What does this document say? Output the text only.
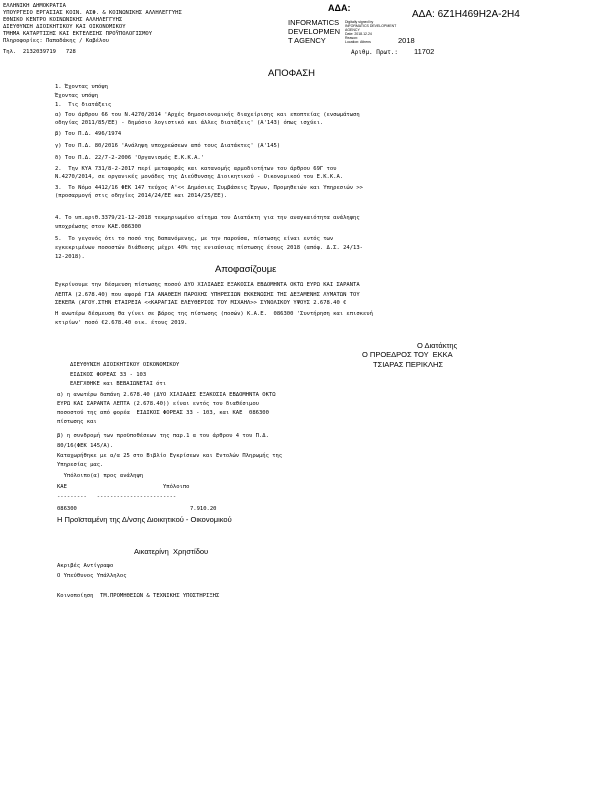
ΕΛΛΗΝΙΚΗ ΔΗΜΟΚΡΑΤΙΑ
ΥΠΟΥΡΓΕΙΟ ΕΡΓΑΣΙΑΣ ΚΟΙΝ. ΑΣΦ. & ΚΟΙΝΩΝΙΚΗΣ ΑΛΛΗΛΕΓΓΥΗΣ
ΕΘΝΙΚΟ ΚΕΝΤΡΟ ΚΟΙΝΩΝΙΚΗΣ ΑΛΛΗΛΕΓΓΥΗΣ
ΔΙΕΥΘΥΝΣΗ ΔΙΟΙΚΗΤΙΚΟΥ ΚΑΙ ΟΙΚΟΝΟΜΙΚΟΥ
ΤΜΗΜΑ ΚΑΤΑΡΤΙΣΗΣ ΚΑΙ ΕΚΤΕΛΕΣΗΣ ΠΡΟΫΠΟΛΟΓΙΣΜΟΥ
Πληροφορίες: Παπαδάκης / Καβέλου
Τηλ.  2132039719   728
ΑΔΑ:
ΑΔΑ: 6Z1H469H2A-2H4
INFORMATICS
DEVELOPMEN
T AGENCY
Digitally signed by
INFORMATICS DEVELOPMENT
AGENCY
Date: 2018.12.24
Reason:
Location: Athens	2018
Αριθμ. Πρωτ.: 11702
ΑΠΟΦΑΣΗ
1. Έχοντας υπόψη
Έχοντας υπόψη
1.  Τις διατάξεις
α) Του άρθρου 66 του Ν.4270/2014 'Αρχές δημοσιονομικής διαχείρισης και εποπτείας (ενσωμάτωση
οδηγίας 2011/85/ΕΕ) - δημόσιο λογιστικό και άλλες διατάξεις' (Α'143) όπως ισχύει.
β) Του Π.Δ. 496/1974
γ) Του Π.Δ. 80/2016 'Ανάληψη υποχρεώσεων από τους Διατάκτες' (Α'145)
δ) Του Π.Δ. 22/7-2-2006 'Οργανισμός Ε.Κ.Κ.Α.'
2.  Την ΚΥΑ 731/8-2-2017 περί μεταφοράς και κατανομής αρμοδιοτήτων του άρθρου 69Γ του
Ν.4270/2014, σε οργανικές μονάδες της Διεύθυνσης Διοικητικού - Οικονομικού του Ε.Κ.Κ.Α.
3.  Το Νόμο 4412/16 ΦΕΚ 147 τεύχος Α'<< Δημόσιες Συμβάσεις Έργων, Προμηθειών και Υπηρεσιών >>
(προσαρμογή στις οδηγίες 2014/24/ΕΕ και 2014/25/ΕΕ).
4. Το υπ.αριθ.3379/21-12-2018 τεκμηριωμένο αίτημα του Διατάκτη για την αναγκαιότητα ανάληψης
υποχρέωσης στον ΚΑΕ.086300
5.  Το γεγονός ότι το ποσό της δαπανόμενης, με την παρούσα, πίστωσης είναι εντός των
εγκεκριμένων ποσοστών διάθεσης μέχρι 40% της ενιαύσιας πίστωσης έτους 2018 (απόφ. Δ.Σ. 24/13-
12-2018).
Αποφασίζουμε
Εγκρίνουμε την δέσμευση πίστωσης ποσού ΔΥΟ ΧΙΛΙΑΔΕΣ ΕΞΑΚΟΣΙΑ ΕΒΔΟΜΗΝΤΑ ΟΚΤΩ ΕΥΡΩ ΚΑΙ ΣΑΡΑΝΤΑ
ΛΕΠΤΑ (2.678.40) που αφορά ΓΙΑ ΑΝΑΘΕΣΗ ΠΑΡΟΧΗΣ ΥΠΗΡΕΣΙΩΝ ΕΚΚΕΝΩΣΗΣ ΤΗΣ ΔΕΞΑΜΕΝΗΣ ΛΥΜΑΤΩΝ ΤΟΥ
ΣΕΚΕΠΑ (ΑΓΟΥ.ΣΤΗΝ ΕΤΑΙΡΕΙΑ <<ΚΑΡΑΓΙΑΣ ΕΛΕΥΘΕΡΙΟΣ ΤΟΥ ΜΙΧΑΗΛ>> ΣΥΝΟΛΙΚΟΥ ΥΨΟΥΣ 2.678.40 €
Η ανωτέρω δέσμευση θα γίνει σε βάρος της πίστωσης (ποσών) Κ.Α.Ε.  086300 'Συντήρηση και επισκευή
κτιρίων' ποσό €2.678.40 οικ. έτους 2019.
Ο Διατάκτης
Ο ΠΡΟΕΔΡΟΣ ΤΟΥ  ΕΚΚΑ
ΤΣΙΑΡΑΣ ΠΕΡΙΚΛΗΣ
ΔΙΕΥΘΥΝΣΗ ΔΙΟΙΚΗΤΙΚΟΥ ΟΙΚΟΝΟΜΙΚΟΥ
ΕΙΔΙΚΟΣ ΦΟΡΕΑΣ 33 - 103
ΕΛΕΓΧΘΗΚΕ και ΒΕΒΑΙΩΝΕΤΑΙ ότι
α) η ανωτέρω δαπάνη 2.678.40 (ΔΥΟ ΧΙΛΙΑΔΕΣ ΕΞΑΚΟΣΙΑ ΕΒΔΟΜΗΝΤΑ ΟΚΤΩ
ΕΥΡΩ ΚΑΙ ΣΑΡΑΝΤΑ ΛΕΠΤΑ (2.678.40)) είναι εντός του διαθέσιμου
ποσοστού της από φορέα  ΕΙΔΙΚΟΣ ΦΟΡΕΑΣ 33 - 103, και ΚΑΕ  086300
πίστωσης και
β) η συνδρομή των προϋποθέσεων της παρ.1 α του άρθρου 4 του Π.Δ.
80/16(ΦΕΚ 145/Α).
Καταχωρήθηκε με α/α 25 στο Βιβλίο Εγκρίσεων και Εντολών Πληρωμής της
Υπηρεσίας μας.
Υπόλοιπο(α) προς ανάληψη
ΚΑΕ	Υπόλοιπο
---------   ------------------------
086300	7.910.20
Η Προϊσταμένη της Δ/νσης Διοικητικού - Οικονομικού
Αικατερίνη  Χρηστίδου
Ακριβές Αντίγραφο
Ο Υπεύθυνος Υπάλληλος
Κοινοποίηση  ΤΜ.ΠΡΟΜΗΘΕΙΩΝ & ΤΕΧΝΙΚΗΣ ΥΠΟΣΤΗΡΙΞΗΣ
